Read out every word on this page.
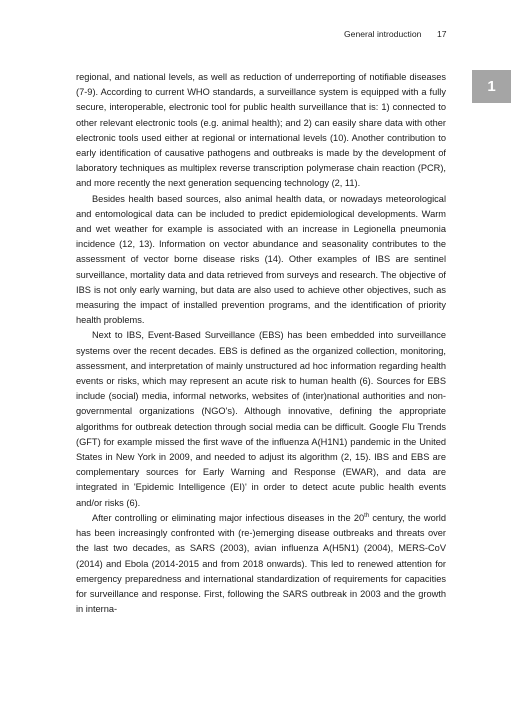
General introduction 17
1

regional, and national levels, as well as reduction of underreporting of notifiable diseases (7-9). According to current WHO standards, a surveillance system is equipped with a fully secure, interoperable, electronic tool for public health surveillance that is: 1) connected to other relevant electronic tools (e.g. animal health); and 2) can easily share data with other electronic tools used either at regional or international levels (10). Another contribution to early identification of causative pathogens and outbreaks is made by the development of laboratory techniques as multiplex reverse transcription polymerase chain reaction (PCR), and more recently the next generation sequencing technology (2, 11).

Besides health based sources, also animal health data, or nowadays meteorological and entomological data can be included to predict epidemiological developments. Warm and wet weather for example is associated with an increase in Legionella pneumonia incidence (12, 13). Information on vector abundance and seasonality contributes to the assessment of vector borne disease risks (14). Other examples of IBS are sentinel surveillance, mortality data and data retrieved from surveys and research. The objective of IBS is not only early warning, but data are also used to achieve other objectives, such as measuring the impact of installed prevention programs, and the identification of priority health problems.

Next to IBS, Event-Based Surveillance (EBS) has been embedded into surveillance systems over the recent decades. EBS is defined as the organized collection, monitoring, assessment, and interpretation of mainly unstructured ad hoc information regarding health events or risks, which may represent an acute risk to human health (6). Sources for EBS include (social) media, informal networks, websites of (inter)national authorities and non-governmental organizations (NGO's). Although innovative, defining the appropriate algorithms for outbreak detection through social media can be difficult. Google Flu Trends (GFT) for example missed the first wave of the influenza A(H1N1) pandemic in the United States in New York in 2009, and needed to adjust its algorithm (2, 15). IBS and EBS are complementary sources for Early Warning and Response (EWAR), and data are integrated in 'Epidemic Intelligence (EI)' in order to detect acute public health events and/or risks (6).

After controlling or eliminating major infectious diseases in the 20th century, the world has been increasingly confronted with (re-)emerging disease outbreaks and threats over the last two decades, as SARS (2003), avian influenza A(H5N1) (2004), MERS-CoV (2014) and Ebola (2014-2015 and from 2018 onwards). This led to renewed attention for emergency preparedness and international standardization of requirements for capacities for surveillance and response. First, following the SARS outbreak in 2003 and the growth in interna-
